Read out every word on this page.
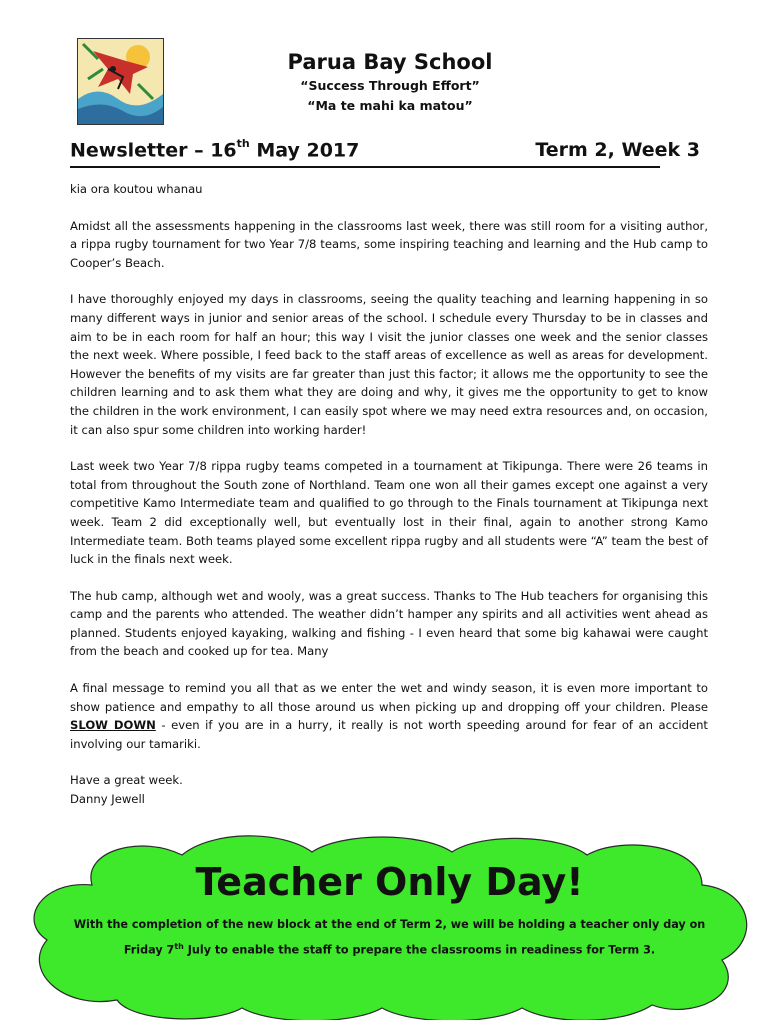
Parua Bay School

“Success Through Effort”

“Ma te mahi ka matou”

Newsletter – 16th May 2017	Term 2, Week 3

kia ora koutou whanau

Amidst all the assessments happening in the classrooms last week, there was still room for a visiting author, a rippa rugby tournament for two Year 7/8 teams, some inspiring teaching and learning and the Hub camp to Cooper’s Beach.

I have thoroughly enjoyed my days in classrooms, seeing the quality teaching and learning happening in so many different ways in junior and senior areas of the school. I schedule every Thursday to be in classes and aim to be in each room for half an hour; this way I visit the junior classes one week and the senior classes the next week. Where possible, I feed back to the staff areas of excellence as well as areas for development. However the benefits of my visits are far greater than just this factor; it allows me the opportunity to see the children learning and to ask them what they are doing and why, it gives me the opportunity to get to know the children in the work environment, I can easily spot where we may need extra resources and, on occasion, it can also spur some children into working harder!

Last week two Year 7/8 rippa rugby teams competed in a tournament at Tikipunga. There were 26 teams in total from throughout the South zone of Northland. Team one won all their games except one against a very competitive Kamo Intermediate team and qualified to go through to the Finals tournament at Tikipunga next week. Team 2 did exceptionally well, but eventually lost in their final, again to another strong Kamo Intermediate team. Both teams played some excellent rippa rugby and all students were “A” team the best of luck in the finals next week.

The hub camp, although wet and wooly, was a great success. Thanks to The Hub teachers for organising this camp and the parents who attended. The weather didn’t hamper any spirits and all activities went ahead as planned. Students enjoyed kayaking, walking and fishing - I even heard that some big kahawai were caught from the beach and cooked up for tea. Many

A final message to remind you all that as we enter the wet and windy season, it is even more important to show patience and empathy to all those around us when picking up and dropping off your children. Please SLOW DOWN - even if you are in a hurry, it really is not worth speeding around for fear of an accident involving our tamariki.

Have a great week.

Danny Jewell

Teacher Only Day!

With the completion of the new block at the end of Term 2, we will be holding a teacher only day on Friday 7th July to enable the staff to prepare the classrooms in readiness for Term 3.
